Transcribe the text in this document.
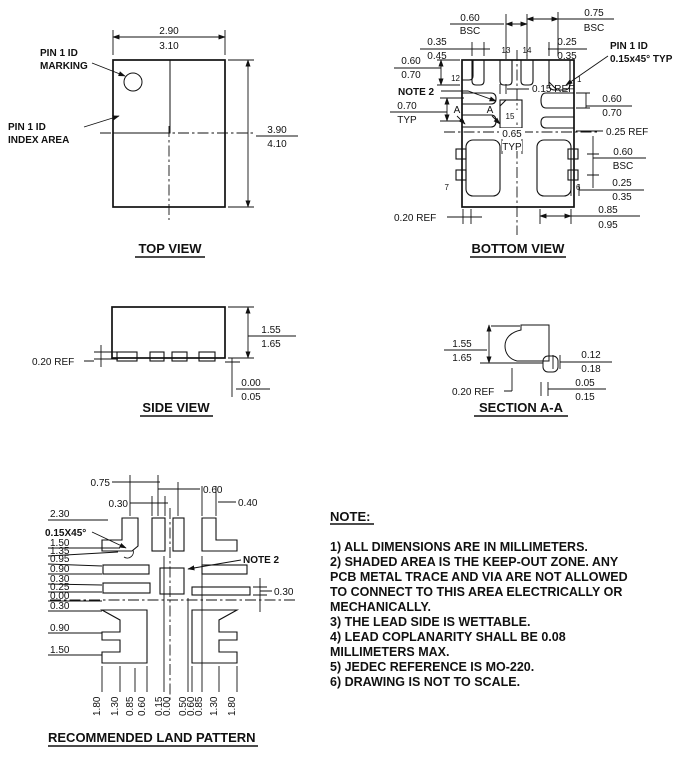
2.90
3.10
3.90
4.10
PIN 1 ID
MARKING
PIN 1 ID
INDEX AREA
TOP VIEW
15
0.35
0.45
0.60
BSC
0.75
BSC
0.25
0.35
PIN 1 ID
0.15x45° TYP
0.60
0.70
NOTE 2	0.15 REF
A	A
0.70
TYP
0.65
TYP
0.60
0.70
0.25 REF
0.60
BSC
0.25
0.35
0.85
0.95
0.20 REF
12	1
7	6
13 14
BOTTOM VIEW
0.20 REF
1.55
1.65
0.00
0.05
SIDE VIEW
1.55
1.65
0.20 REF
0.12
0.18
0.05
0.15
SECTION A-A
0.75
0.60
0.30	0.40
2.30
0.15X45°
1.50
1.35
0.95
0.90
0.30
0.25
0.00
0.30
0.90
1.50
NOTE 2
0.30
1.80 1.30 0.85 0.60 0.15
0.00 0.50
0.60
0.85 1.30 1.80
RECOMMENDED LAND PATTERN
NOTE:
1) ALL DIMENSIONS ARE IN MILLIMETERS.
2) SHADED AREA IS THE KEEP-OUT ZONE. ANY
PCB METAL TRACE AND VIA ARE NOT ALLOWED
TO CONNECT TO THIS AREA ELECTRICALLY OR
MECHANICALLY.
3) THE LEAD SIDE IS WETTABLE.
4) LEAD COPLANARITY SHALL BE 0.08
MILLIMETERS MAX.
5) JEDEC REFERENCE IS MO-220.
6) DRAWING IS NOT TO SCALE.
